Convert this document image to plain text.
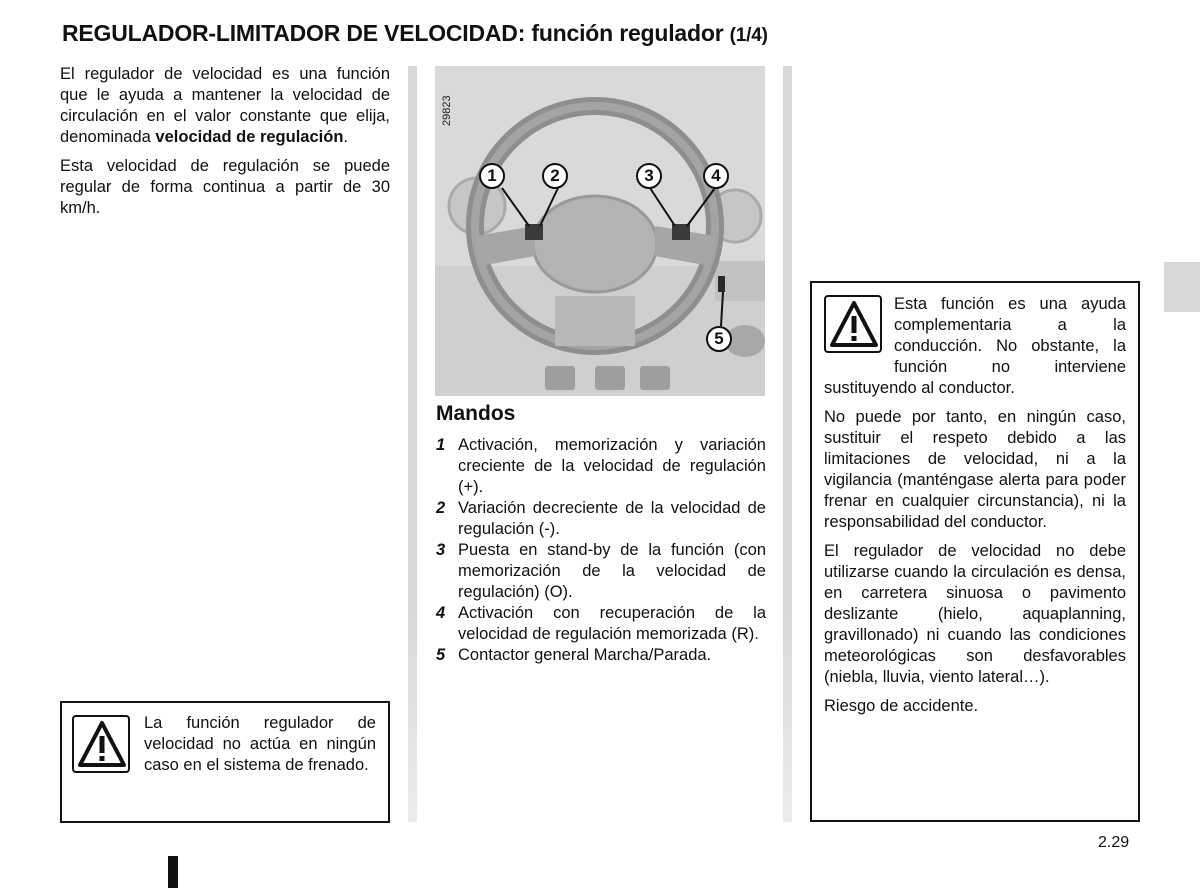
REGULADOR-LIMITADOR DE VELOCIDAD: función regulador (1/4)

El regulador de velocidad es una función que le ayuda a mantener la velocidad de circulación en el valor constante que elija, denominada velocidad de regulación.

Esta velocidad de regulación se puede regular de forma continua a partir de 30 km/h.

La función regulador de velocidad no actúa en ningún caso en el sistema de frenado.
29823
1	2	3	4
5
Mandos
1 Activación, memorización y variación creciente de la velocidad de regulación (+).
2 Variación decreciente de la velocidad de regulación (-).
3 Puesta en stand-by de la función (con memorización de la velocidad de regulación) (O).
4 Activación con recuperación de la velocidad de regulación memorizada (R).
5 Contactor general Marcha/Parada.

Esta función es una ayuda complementaria a la conducción. No obstante, la función no interviene sustituyendo al conductor.

No puede por tanto, en ningún caso, sustituir el respeto debido a las limitaciones de velocidad, ni a la vigilancia (manténgase alerta para poder frenar en cualquier circunstancia), ni la responsabilidad del conductor.

El regulador de velocidad no debe utilizarse cuando la circulación es densa, en carretera sinuosa o pavimento deslizante (hielo, aquaplanning, gravillonado) ni cuando las condiciones meteorológicas son desfavorables (niebla, lluvia, viento lateral…).

Riesgo de accidente.

2.29
